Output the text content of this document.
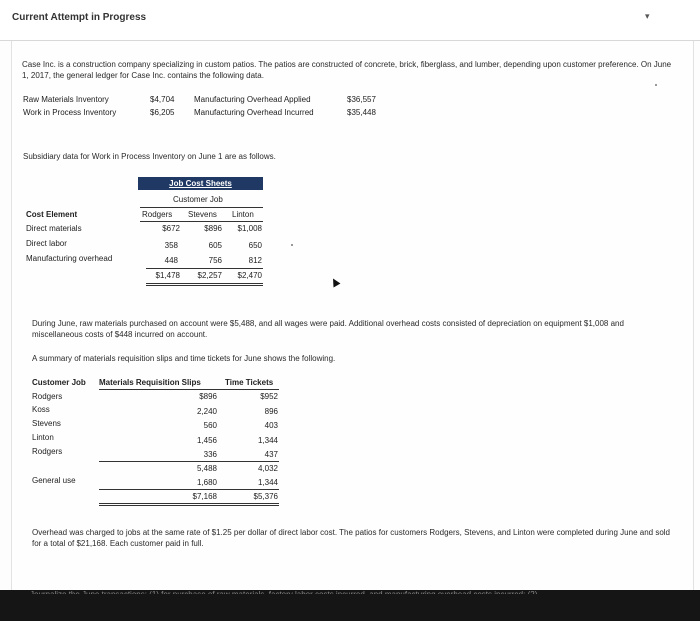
Current Attempt in Progress	▾
Case Inc. is a construction company specializing in custom patios. The patios are constructed of concrete, brick, fiberglass, and lumber, depending upon customer preference. On June 1, 2017, the general ledger for Case Inc. contains the following data.
Raw Materials Inventory	$4,704 Manufacturing Overhead Applied	$36,557
Work in Process Inventory	$6,205 Manufacturing Overhead Incurred	$35,448
Subsidiary data for Work in Process Inventory on June 1 are as follows.
Job Cost Sheets
Customer Job
Cost Element	Rodgers Stevens Linton
Direct materials	$672	$896	$1,008
Direct labor	358	605	650
Manufacturing overhead	448	756	812
$1,478	$2,257	$2,470
During June, raw materials purchased on account were $5,488, and all wages were paid. Additional overhead costs consisted of depreciation on equipment $1,008 and miscellaneous costs of $448 incurred on account.
A summary of materials requisition slips and time tickets for June shows the following.
Customer Job Materials Requisition Slips	Time Tickets
Rodgers	$896	$952
Koss	2,240	896
Stevens	560	403
Linton	1,456	1,344
Rodgers	336	437
5,488	4,032
General use	1,680	1,344
$7,168	$5,376
Overhead was charged to jobs at the same rate of $1.25 per dollar of direct labor cost. The patios for customers Rodgers, Stevens, and Linton were completed during June and sold for a total of $21,168. Each customer paid in full.
